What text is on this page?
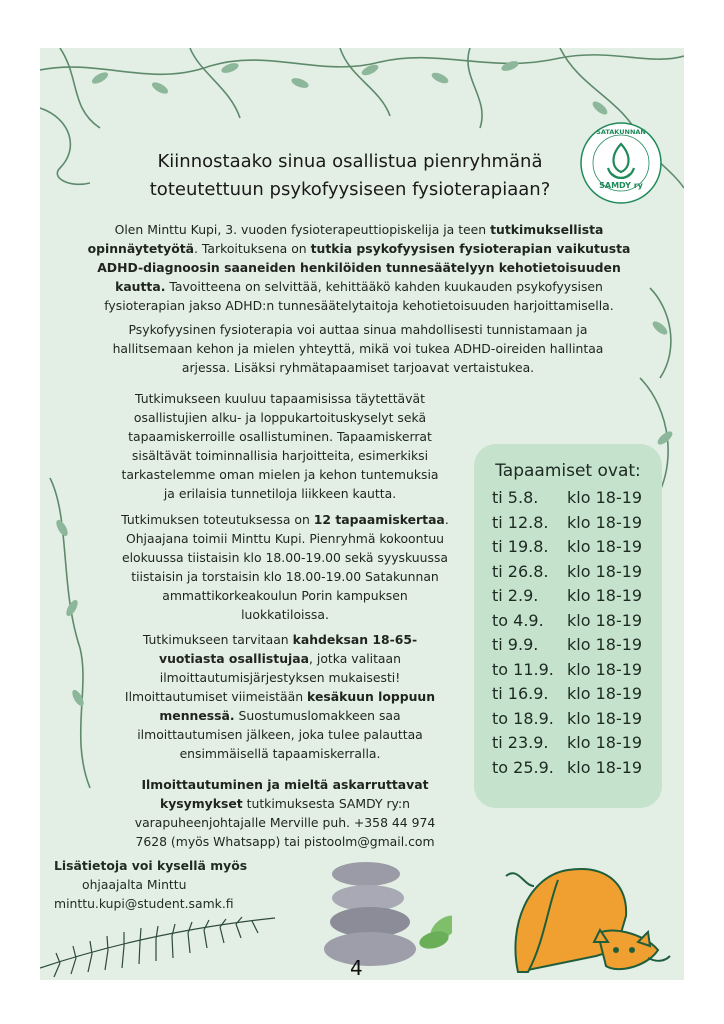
Kiinnostaako sinua osallistua pienryhmänä
toteutettuun psykofyysiseen fysioterapiaan?
SATAKUNNAN
SAMDY ry

Olen Minttu Kupi, 3. vuoden fysioterapeuttiopiskelija ja teen tutkimuksellista opinnäytetyötä. Tarkoituksena on tutkia psykofyysisen fysioterapian vaikutusta ADHD-diagnoosin saaneiden henkilöiden tunnesäätelyyn kehotietoisuuden kautta. Tavoitteena on selvittää, kehittääkö kahden kuukauden psykofyysisen fysioterapian jakso ADHD:n tunnesäätelytaitoja kehotietoisuuden harjoittamisella.

Psykofyysinen fysioterapia voi auttaa sinua mahdollisesti tunnistamaan ja hallitsemaan kehon ja mielen yhteyttä, mikä voi tukea ADHD-oireiden hallintaa arjessa. Lisäksi ryhmätapaamiset tarjoavat vertaistukea.

Tutkimukseen kuuluu tapaamisissa täytettävät osallistujien alku- ja loppukartoituskyselyt sekä tapaamiskerroille osallistuminen. Tapaamiskerrat sisältävät toiminnallisia harjoitteita, esimerkiksi tarkastelemme oman mielen ja kehon tuntemuksia ja erilaisia tunnetiloja liikkeen kautta.

Tutkimuksen toteutuksessa on 12 tapaamiskertaa. Ohjaajana toimii Minttu Kupi. Pienryhmä kokoontuu elokuussa tiistaisin klo 18.00-19.00 sekä syyskuussa tiistaisin ja torstaisin klo 18.00-19.00 Satakunnan ammattikorkeakoulun Porin kampuksen luokkatiloissa.

Tutkimukseen tarvitaan kahdeksan 18-65-vuotiasta osallistujaa, jotka valitaan ilmoittautumisjärjestyksen mukaisesti! Ilmoittautumiset viimeistään kesäkuun loppuun mennessä. Suostumuslomakkeen saa ilmoittautumisen jälkeen, joka tulee palauttaa ensimmäisellä tapaamiskerralla.

Ilmoittautuminen ja mieltä askarruttavat kysymykset tutkimuksesta SAMDY ry:n varapuheenjohtajalle Merville puh. +358 44 974 7628 (myös Whatsapp) tai pistoolm@gmail.com

Lisätietoja voi kysellä myös
ohjaajalta Minttu
minttu.kupi@student.samk.fi
Tapaamiset ovat:
ti 5.8. klo 18-19
ti 12.8. klo 18-19
ti 19.8. klo 18-19
ti 26.8. klo 18-19
ti 2.9. klo 18-19
to 4.9. klo 18-19
ti 9.9. klo 18-19
to 11.9. klo 18-19
ti 16.9. klo 18-19
to 18.9. klo 18-19
ti 23.9. klo 18-19
to 25.9. klo 18-19
4
